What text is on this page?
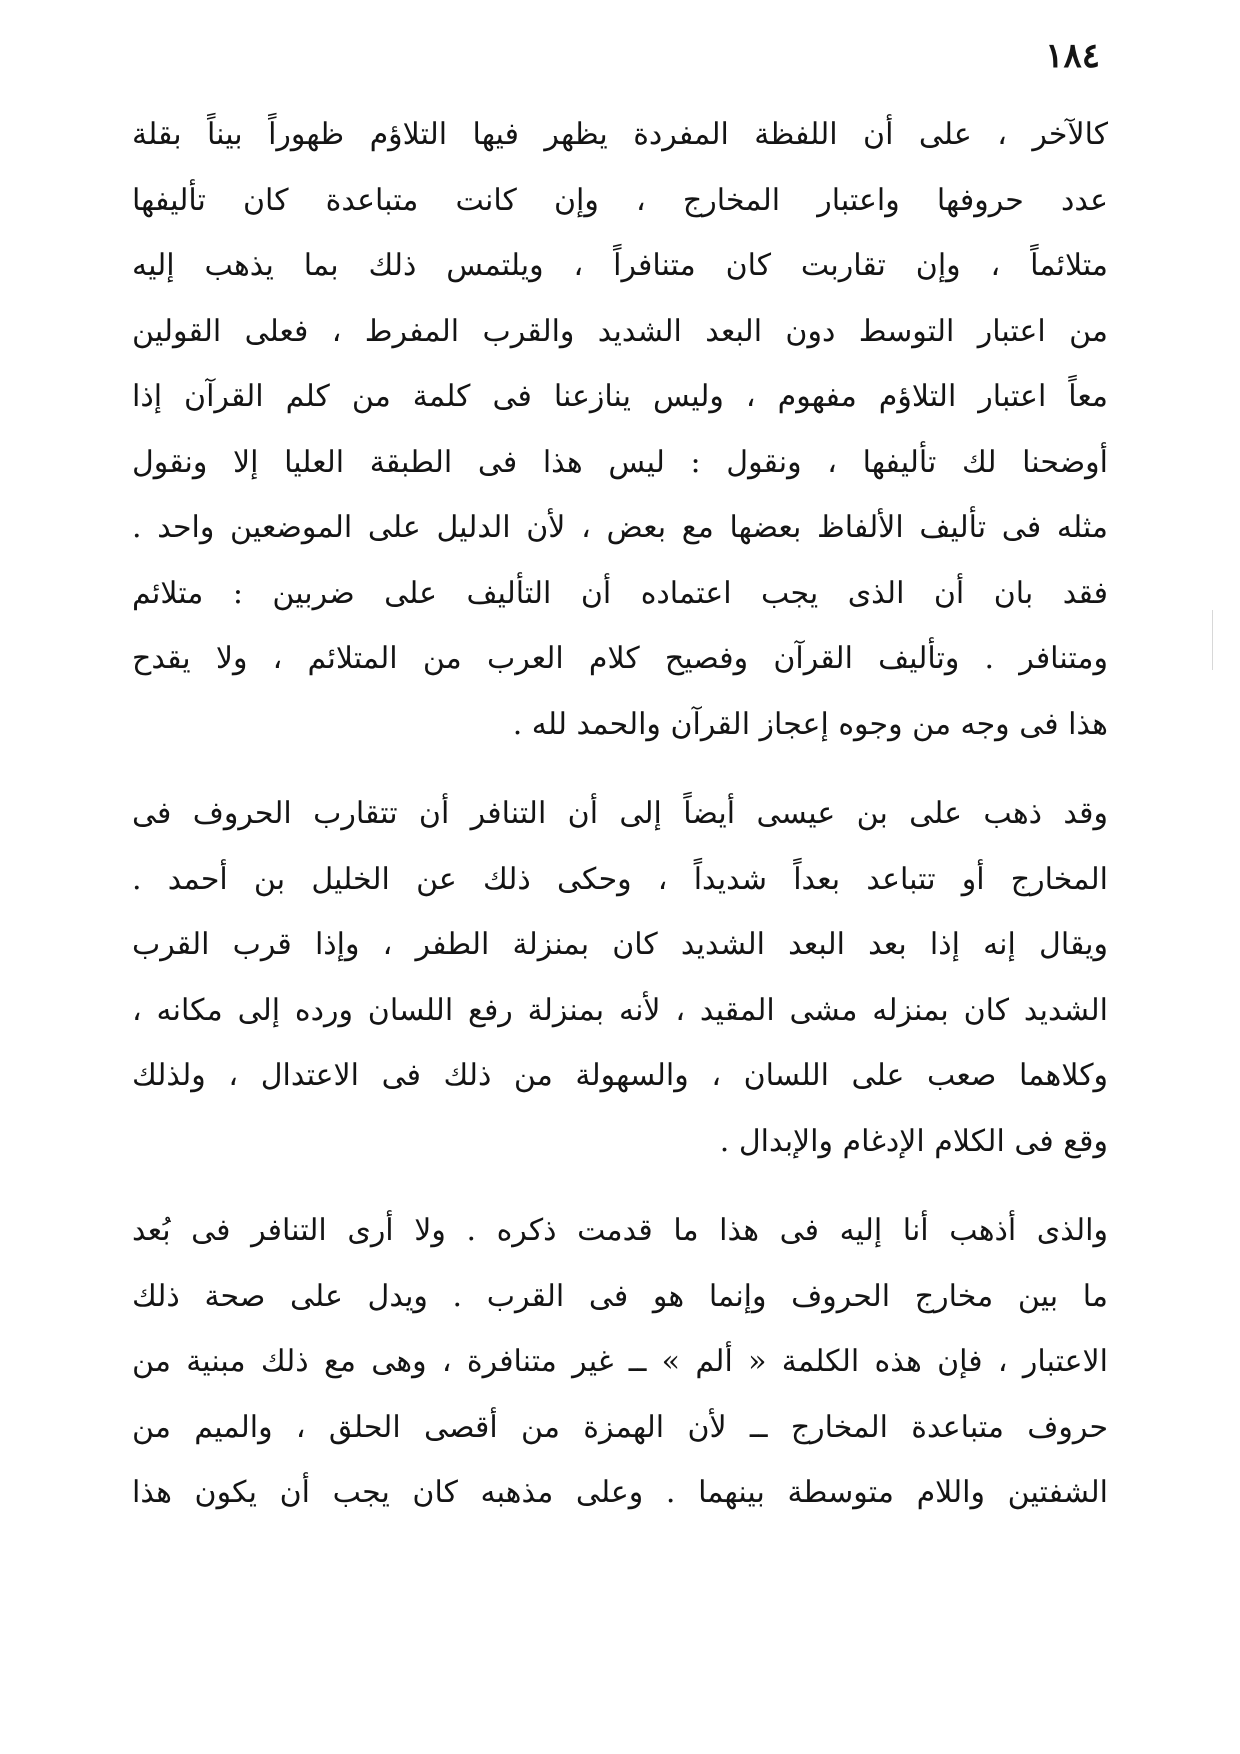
١٨٤
كالآخر ، على أن اللفظة المفردة يظهر فيها التلاؤم ظهوراً بيناً بقلة
عدد حروفها واعتبار المخارج ، وإن كانت متباعدة كان تأليفها
متلائماً ، وإن تقاربت كان متنافراً ، ويلتمس ذلك بما يذهب إليه
من اعتبار التوسط دون البعد الشديد والقرب المفرط ، فعلى القولين
معاً اعتبار التلاؤم مفهوم ، وليس ينازعنا فى كلمة من كلم القرآن إذا
أوضحنا لك تأليفها ، ونقول : ليس هذا فى الطبقة العليا إلا ونقول
مثله فى تأليف الألفاظ بعضها مع بعض ، لأن الدليل على الموضعين واحد .
فقد بان أن الذى يجب اعتماده أن التأليف على ضربين : متلائم
ومتنافر . وتأليف القرآن وفصيح كلام العرب من المتلائم ، ولا يقدح
هذا فى وجه من وجوه إعجاز القرآن والحمد لله .
وقد ذهب على بن عيسى أيضاً إلى أن التنافر أن تتقارب الحروف فى
المخارج أو تتباعد بعداً شديداً ، وحكى ذلك عن الخليل بن أحمد .
ويقال إنه إذا بعد البعد الشديد كان بمنزلة الطفر ، وإذا قرب القرب
الشديد كان بمنزله مشى المقيد ، لأنه بمنزلة رفع اللسان ورده إلى مكانه ،
وكلاهما صعب على اللسان ، والسهولة من ذلك فى الاعتدال ، ولذلك
وقع فى الكلام الإدغام والإبدال .
والذى أذهب أنا إليه فى هذا ما قدمت ذكره . ولا أرى التنافر فى بُعد
ما بين مخارج الحروف وإنما هو فى القرب . ويدل على صحة ذلك
الاعتبار ، فإن هذه الكلمة « ألم » ــ غير متنافرة ، وهى مع ذلك مبنية من
حروف متباعدة المخارج ــ لأن الهمزة من أقصى الحلق ، والميم من
الشفتين واللام متوسطة بينهما . وعلى مذهبه كان يجب أن يكون هذا
